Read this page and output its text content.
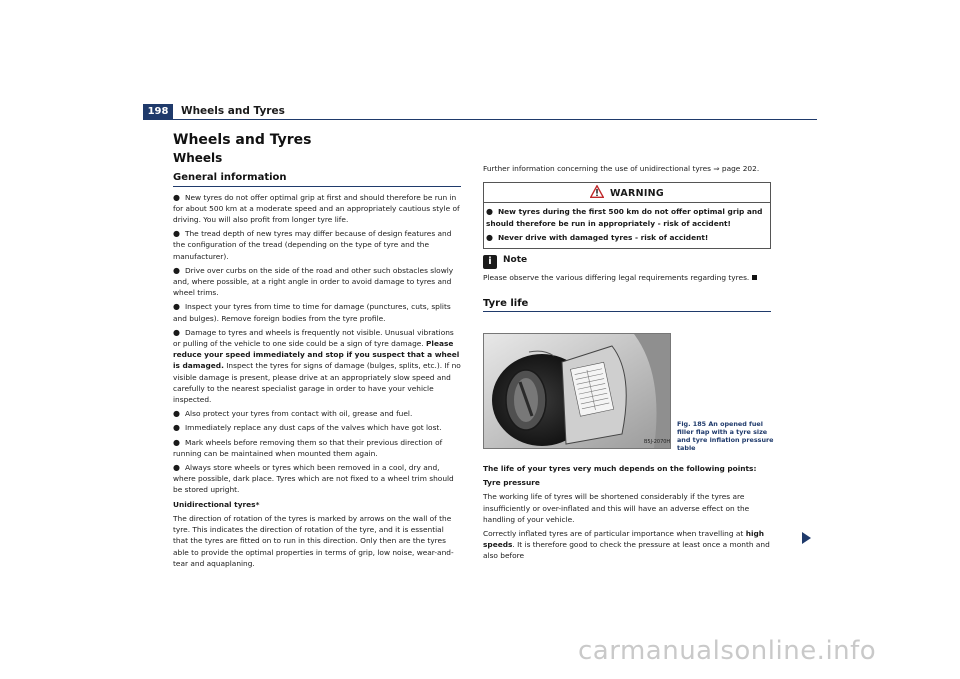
198	Wheels and Tyres
Wheels and Tyres
Wheels
General information
● New tyres do not offer optimal grip at first and should therefore be run in for about 500 km at a moderate speed and an appropriately cautious style of driving. You will also profit from longer tyre life.
● The tread depth of new tyres may differ because of design features and the configuration of the tread (depending on the type of tyre and the manufacturer).
● Drive over curbs on the side of the road and other such obstacles slowly and, where possible, at a right angle in order to avoid damage to tyres and wheel trims.
● Inspect your tyres from time to time for damage (punctures, cuts, splits and bulges). Remove foreign bodies from the tyre profile.
● Damage to tyres and wheels is frequently not visible. Unusual vibrations or pulling of the vehicle to one side could be a sign of tyre damage. Please reduce your speed immediately and stop if you suspect that a wheel is damaged. Inspect the tyres for signs of damage (bulges, splits, etc.). If no visible damage is present, please drive at an appropriately slow speed and carefully to the nearest specialist garage in order to have your vehicle inspected.
● Also protect your tyres from contact with oil, grease and fuel.
● Immediately replace any dust caps of the valves which have got lost.
● Mark wheels before removing them so that their previous direction of running can be maintained when mounted them again.
● Always store wheels or tyres which been removed in a cool, dry and, where possible, dark place. Tyres which are not fixed to a wheel trim should be stored upright.

Unidirectional tyres*

The direction of rotation of the tyres is marked by arrows on the wall of the tyre. This indicates the direction of rotation of the tyre, and it is essential that the tyres are fitted on to run in this direction. Only then are the tyres able to provide the optimal properties in terms of grip, low noise, wear-and-tear and aquaplaning.

Further information concerning the use of unidirectional tyres ⇒ page 202.

WARNING
● New tyres during the first 500 km do not offer optimal grip and should therefore be run in appropriately - risk of accident!
● Never drive with damaged tyres - risk of accident!
i Note

Please observe the various differing legal requirements regarding tyres.

Tyre life
B5J-2070H
Fig. 185 An opened fuel filler flap with a tyre size and tyre inflation pressure table

The life of your tyres very much depends on the following points:

Tyre pressure

The working life of tyres will be shortened considerably if the tyres are insufficiently or over-inflated and this will have an adverse effect on the handling of your vehicle.

Correctly inflated tyres are of particular importance when travelling at high speeds. It is therefore good to check the pressure at least once a month and also before

carmanualsonline.info
